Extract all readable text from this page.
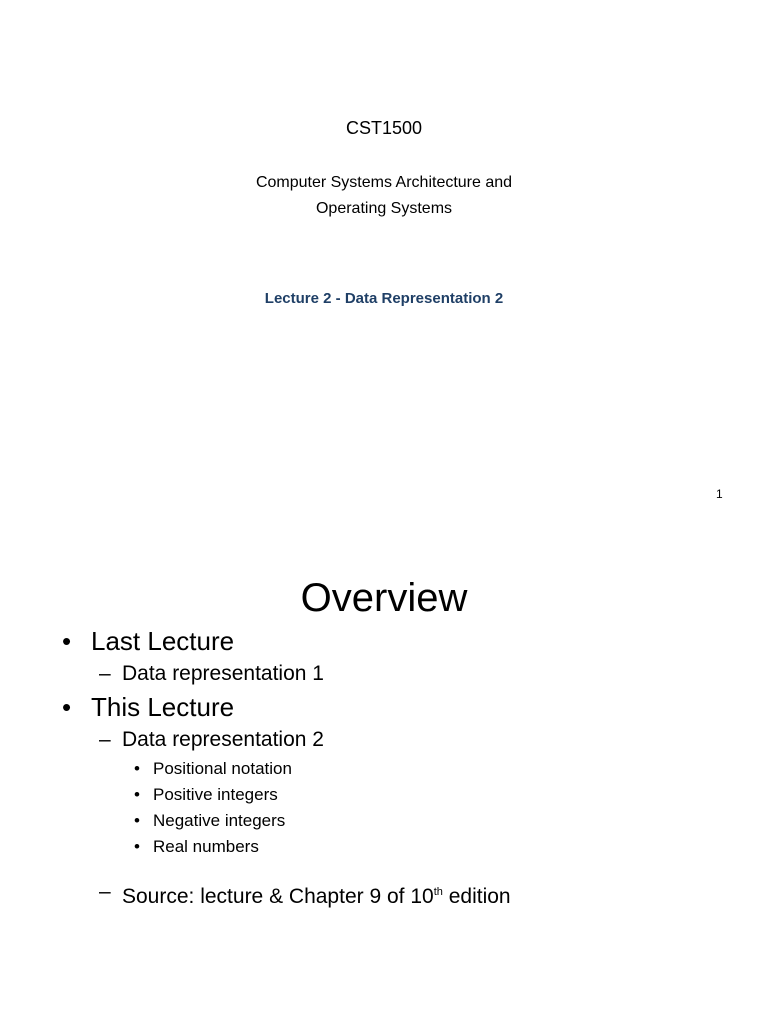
CST1500
Computer Systems Architecture and
Operating Systems
Lecture 2 - Data Representation 2
1
Overview
• Last Lecture
– Data representation 1
• This Lecture
– Data representation 2
• Positional notation
• Positive integers
• Negative integers
• Real numbers
– Source: lecture & Chapter 9 of 10th edition
